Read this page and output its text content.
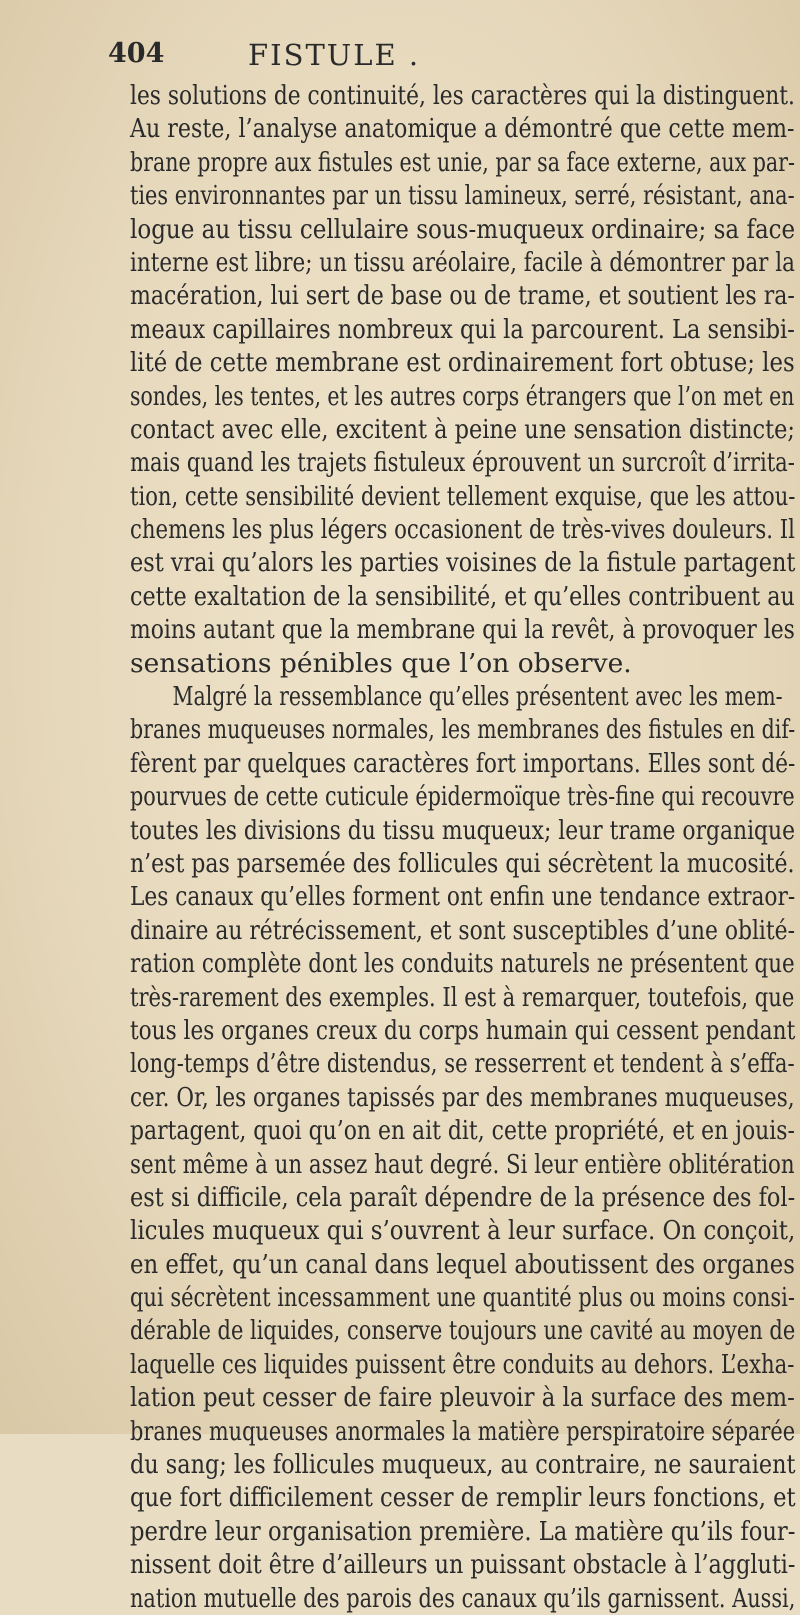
404	FISTULE .
les solutions de continuité, les caractères qui la distinguent.
Au reste, l’analyse anatomique a démontré que cette mem-
brane propre aux fistules est unie, par sa face externe, aux par-
ties environnantes par un tissu lamineux, serré, résistant, ana-
logue au tissu cellulaire sous-muqueux ordinaire; sa face
interne est libre; un tissu aréolaire, facile à démontrer par la
macération, lui sert de base ou de trame, et soutient les ra-
meaux capillaires nombreux qui la parcourent. La sensibi-
lité de cette membrane est ordinairement fort obtuse; les
sondes, les tentes, et les autres corps étrangers que l’on met en
contact avec elle, excitent à peine une sensation distincte;
mais quand les trajets fistuleux éprouvent un surcroît d’irrita-
tion, cette sensibilité devient tellement exquise, que les attou-
chemens les plus légers occasionent de très-vives douleurs. Il
est vrai qu’alors les parties voisines de la fistule partagent
cette exaltation de la sensibilité, et qu’elles contribuent au
moins autant que la membrane qui la revêt, à provoquer les
sensations pénibles que l’on observe.
Malgré la ressemblance qu’elles présentent avec les mem-
branes muqueuses normales, les membranes des fistules en dif-
fèrent par quelques caractères fort importans. Elles sont dé-
pourvues de cette cuticule épidermoïque très-fine qui recouvre
toutes les divisions du tissu muqueux; leur trame organique
n’est pas parsemée des follicules qui sécrètent la mucosité.
Les canaux qu’elles forment ont enfin une tendance extraor-
dinaire au rétrécissement, et sont susceptibles d’une oblité-
ration complète dont les conduits naturels ne présentent que
très-rarement des exemples. Il est à remarquer, toutefois, que
tous les organes creux du corps humain qui cessent pendant
long-temps d’être distendus, se resserrent et tendent à s’effa-
cer. Or, les organes tapissés par des membranes muqueuses,
partagent, quoi qu’on en ait dit, cette propriété, et en jouis-
sent même à un assez haut degré. Si leur entière oblitération
est si difficile, cela paraît dépendre de la présence des fol-
licules muqueux qui s’ouvrent à leur surface. On conçoit,
en effet, qu’un canal dans lequel aboutissent des organes
qui sécrètent incessamment une quantité plus ou moins consi-
dérable de liquides, conserve toujours une cavité au moyen de
laquelle ces liquides puissent être conduits au dehors. L’exha-
lation peut cesser de faire pleuvoir à la surface des mem-
branes muqueuses anormales la matière perspiratoire séparée
du sang; les follicules muqueux, au contraire, ne sauraient
que fort difficilement cesser de remplir leurs fonctions, et
perdre leur organisation première. La matière qu’ils four-
nissent doit être d’ailleurs un puissant obstacle à l’aggluti-
nation mutuelle des parois des canaux qu’ils garnissent. Aussi,
